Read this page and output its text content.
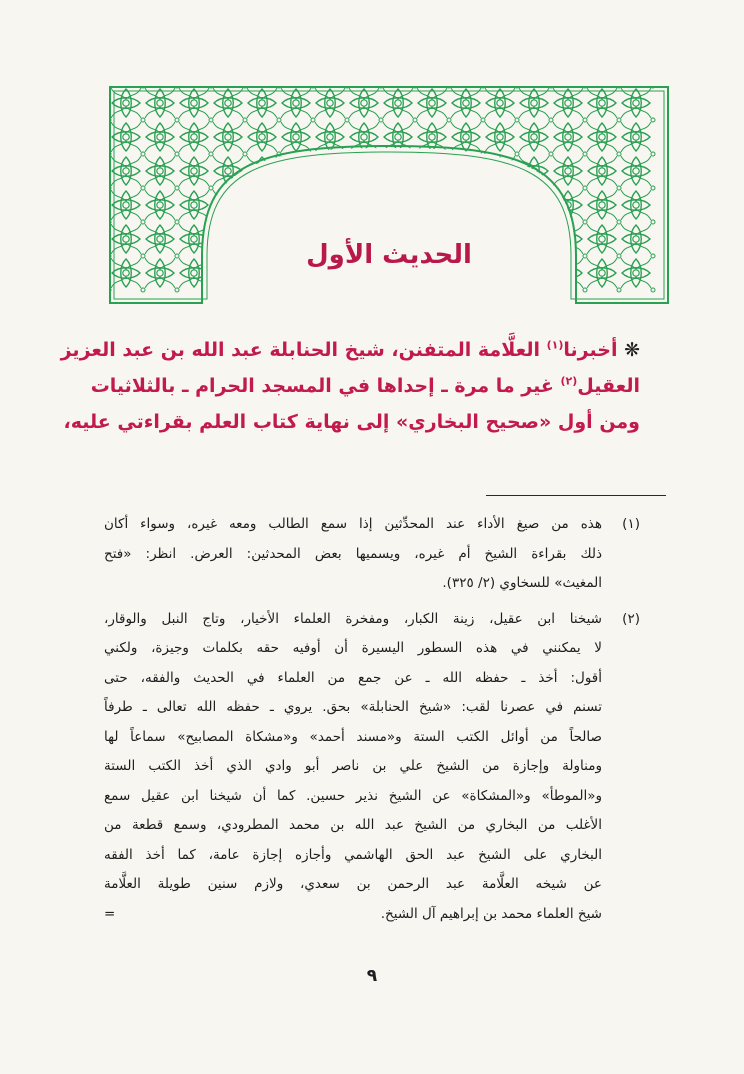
الحديث الأول
❋ أخبرنا$^{(١)}$ العلَّامة المتفنن، شيخ الحنابلة عبد الله بن عبد العزيز
العقيل$^{(٢)}$ غير ما مرة ـ إحداها في المسجد الحرام ـ بالثلاثيات
ومن أول «صحيح البخاري» إلى نهاية كتاب العلم بقراءتي عليه،
(١)
هذه من صيغ الأداء عند المحدِّثين إذا سمع الطالب ومعه غيره، وسواء أكان
ذلك بقراءة الشيخ أم غيره، ويسميها بعض المحدثين: العرض. انظر: «فتح
المغيث» للسخاوي (٢/ ٣٢٥).
(٢)
شيخنا ابن عقيل، زينة الكبار، ومفخرة العلماء الأخيار، وتاج النبل والوقار،
لا يمكنني في هذه السطور اليسيرة أن أوفيه حقه بكلمات وجيزة، ولكني
أقول: أخذ ـ حفظه الله ـ عن جمع من العلماء في الحديث والفقه، حتى
تسنم في عصرنا لقب: «شيخ الحنابلة» بحق. يروي ـ حفظه الله تعالى ـ طرفاً
صالحاً من أوائل الكتب الستة و«مسند أحمد» و«مشكاة المصابيح» سماعاً لها
ومناولة وإجازة من الشيخ علي بن ناصر أبو وادي الذي أخذ الكتب الستة
و«الموطأ» و«المشكاة» عن الشيخ نذير حسين. كما أن شيخنا ابن عقيل سمع
الأغلب من البخاري من الشيخ عبد الله بن محمد المطرودي، وسمع قطعة من
البخاري على الشيخ عبد الحق الهاشمي وأجازه إجازة عامة، كما أخذ الفقه
عن شيخه العلَّامة عبد الرحمن بن سعدي، ولازم سنين طويلة العلَّامة
شيخ العلماء محمد بن إبراهيم آل الشيخ.
=
٩
